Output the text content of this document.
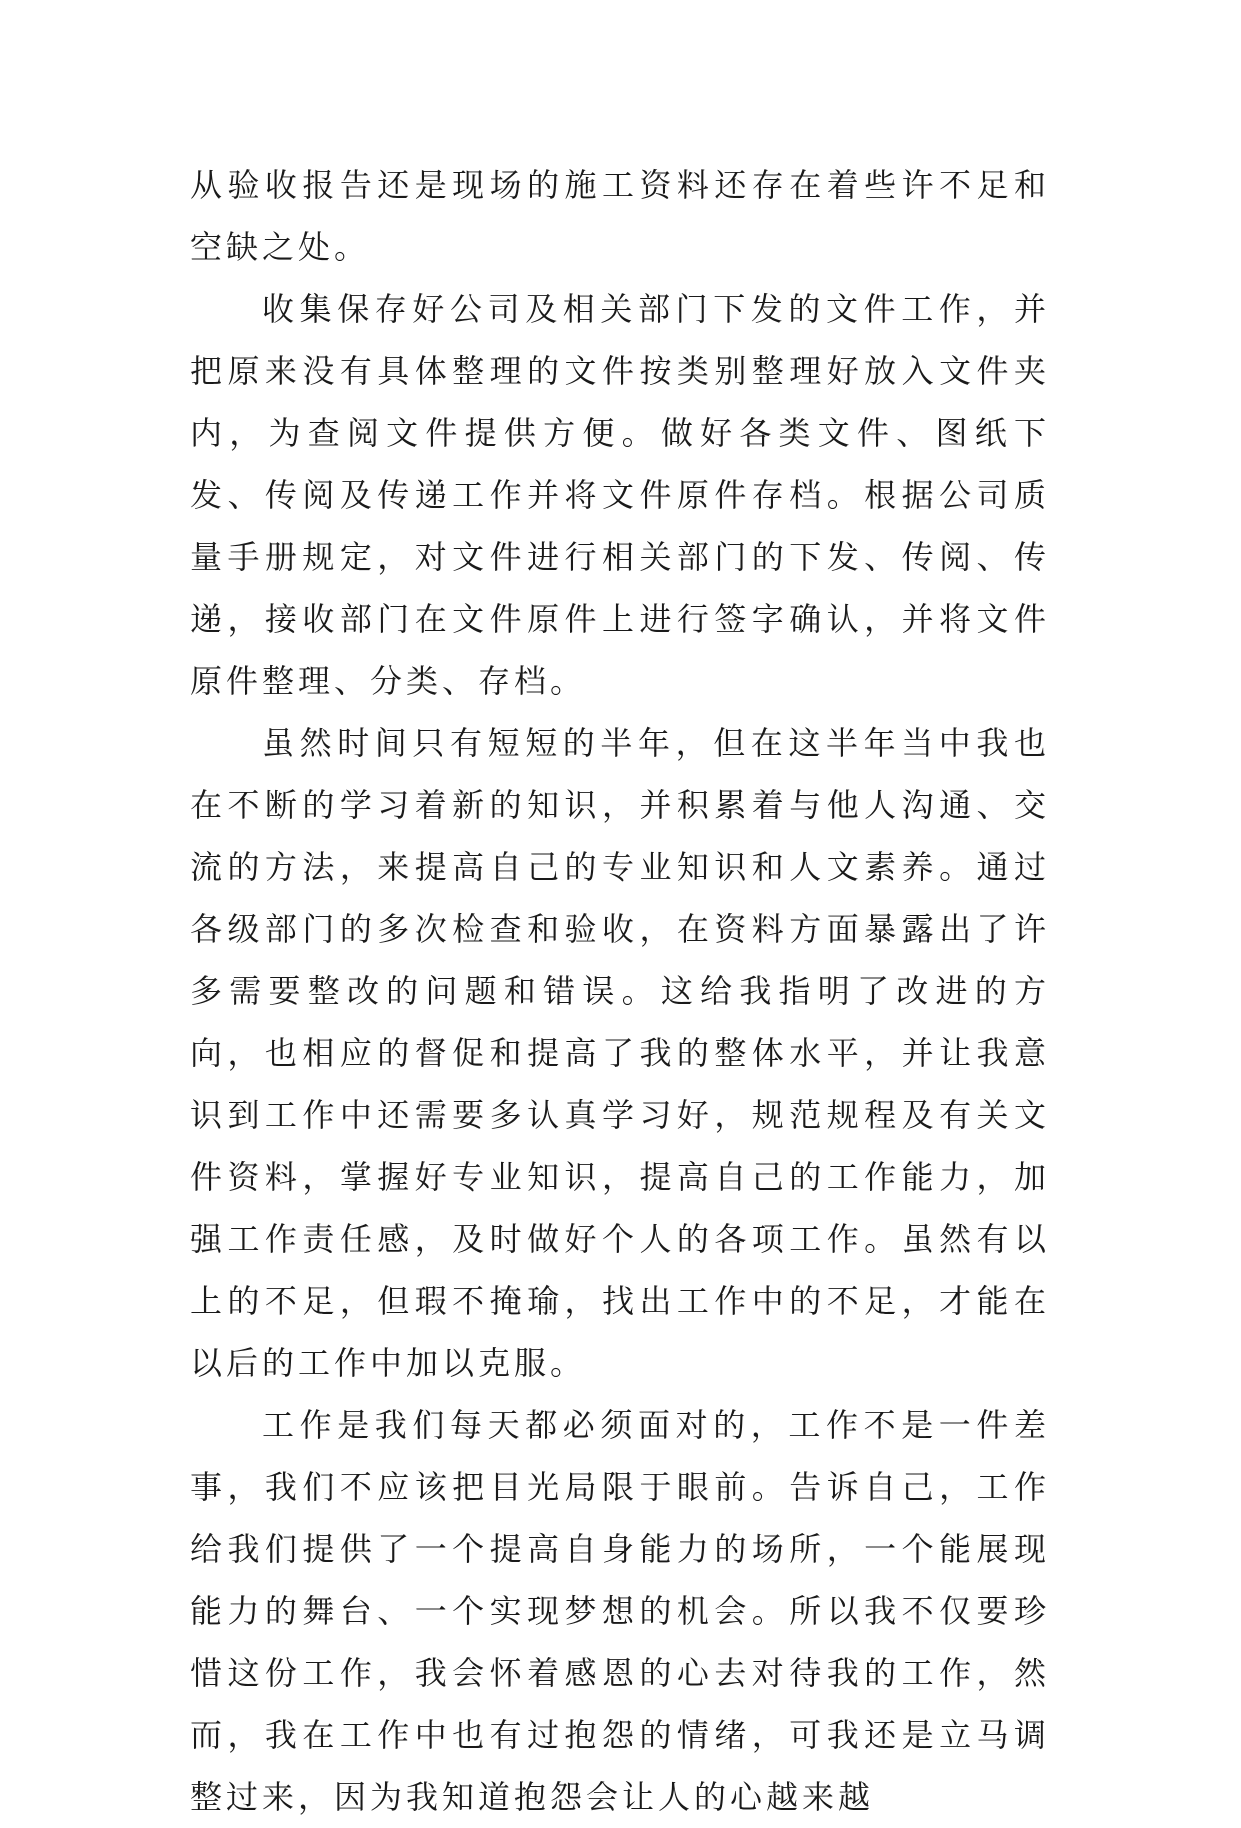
从验收报告还是现场的施工资料还存在着些许不足和空缺之处。

收集保存好公司及相关部门下发的文件工作，并把原来没有具体整理的文件按类别整理好放入文件夹内，为查阅文件提供方便。做好各类文件、图纸下发、传阅及传递工作并将文件原件存档。根据公司质量手册规定，对文件进行相关部门的下发、传阅、传递，接收部门在文件原件上进行签字确认，并将文件原件整理、分类、存档。

虽然时间只有短短的半年，但在这半年当中我也在不断的学习着新的知识，并积累着与他人沟通、交流的方法，来提高自己的专业知识和人文素养。通过各级部门的多次检查和验收，在资料方面暴露出了许多需要整改的问题和错误。这给我指明了改进的方向，也相应的督促和提高了我的整体水平，并让我意识到工作中还需要多认真学习好，规范规程及有关文件资料，掌握好专业知识，提高自己的工作能力，加强工作责任感，及时做好个人的各项工作。虽然有以上的不足，但瑕不掩瑜，找出工作中的不足，才能在以后的工作中加以克服。

工作是我们每天都必须面对的，工作不是一件差事，我们不应该把目光局限于眼前。告诉自己，工作给我们提供了一个提高自身能力的场所，一个能展现能力的舞台、一个实现梦想的机会。所以我不仅要珍惜这份工作，我会怀着感恩的心去对待我的工作，然而，我在工作中也有过抱怨的情绪，可我还是立马调整过来，因为我知道抱怨会让人的心越来越
